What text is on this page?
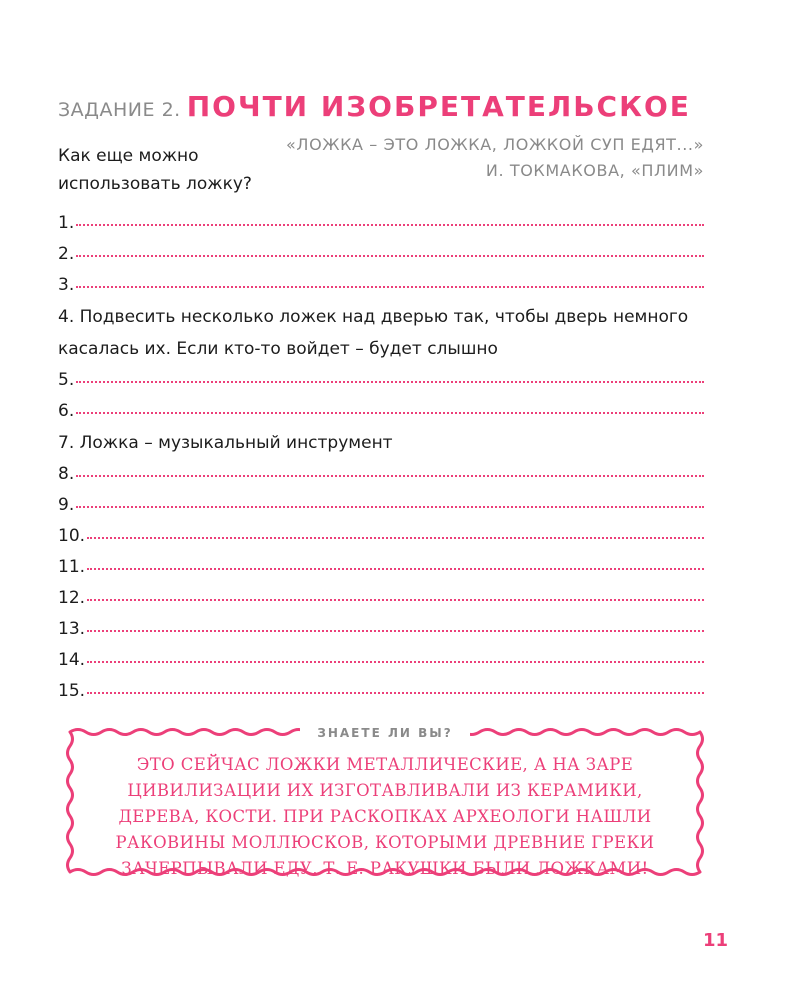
ЗАДАНИЕ 2. ПОЧТИ ИЗОБРЕТАТЕЛЬСКОЕ
Как еще можно
использовать ложку?
«ЛОЖКА – ЭТО ЛОЖКА, ЛОЖКОЙ СУП ЕДЯТ...»
И. ТОКМАКОВА, «ПЛИМ»
1.
2.
3.
4. Подвесить несколько ложек над дверью так, чтобы дверь немного
касалась их. Если кто-то войдет – будет слышно
5.
6.
7. Ложка – музыкальный инструмент
8.
9.
10.
11.
12.
13.
14.
15.
ЗНАЕТЕ ЛИ ВЫ?
ЭТО СЕЙЧАС ЛОЖКИ МЕТАЛЛИЧЕСКИЕ, А НА ЗАРЕ
ЦИВИЛИЗАЦИИ ИХ ИЗГОТАВЛИВАЛИ ИЗ КЕРАМИКИ,
ДЕРЕВА, КОСТИ. ПРИ РАСКОПКАХ АРХЕОЛОГИ НАШЛИ
РАКОВИНЫ МОЛЛЮСКОВ, КОТОРЫМИ ДРЕВНИЕ ГРЕКИ
ЗАЧЕРПЫВАЛИ ЕДУ, Т. Е. РАКУШКИ БЫЛИ ЛОЖКАМИ!
11
